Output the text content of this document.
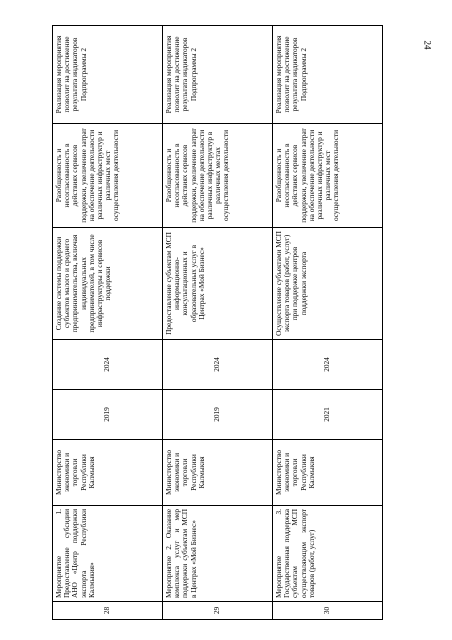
24
28	Мероприятие 1. Предоставление субсидии АНО «Центр поддержки экспорта Республики Калмыкия»	Министерство экономики и торговли Республики Калмыкия	2019	2024	Создание системы поддержки субъектов малого и среднего предпринимательства, включая индивидуальных предпринимателей, в том числе инфраструктуры и сервисов поддержки	Разобщенность и несогласованность в действиях сервисов поддержки, увеличение затрат на обеспечение деятельности различных инфраструктур и различных мест осуществления деятельности	Реализация мероприятия позволит на достижение результата индикаторов Подпрограммы 2
29	Мероприятие 2. Оказание комплекса услуг и мер поддержки субъектам МСП в Центрах «Мой Бизнес»	Министерство экономики и торговли Республики Калмыкия	2019	2024	Предоставление субъектам МСП информационно-консультационных и образовательных услуг в Центрах «Мой Бизнес»	Разобщенность и несогласованность в действиях сервисов поддержки, увеличение затрат на обеспечение деятельности различных инфраструктур в различных местах осуществления деятельности	Реализация мероприятия позволит на достижение результата индикаторов Подпрограммы 2
30	Мероприятие 3. Государственная поддержка субъектам МСП осуществляющим экспорт товаров (работ, услуг)	Министерство экономики и торговли Республики Калмыкия	2021	2024	Осуществление субъектами МСП экспорта товаров (работ, услуг) при поддержке центров поддержки экспорта	Разобщенность и несогласованность в действиях сервисов поддержки, увеличение затрат на обеспечение деятельности различных инфраструктур и различных мест осуществления деятельности	Реализация мероприятия позволит на достижение результата индикаторов Подпрограммы 2
